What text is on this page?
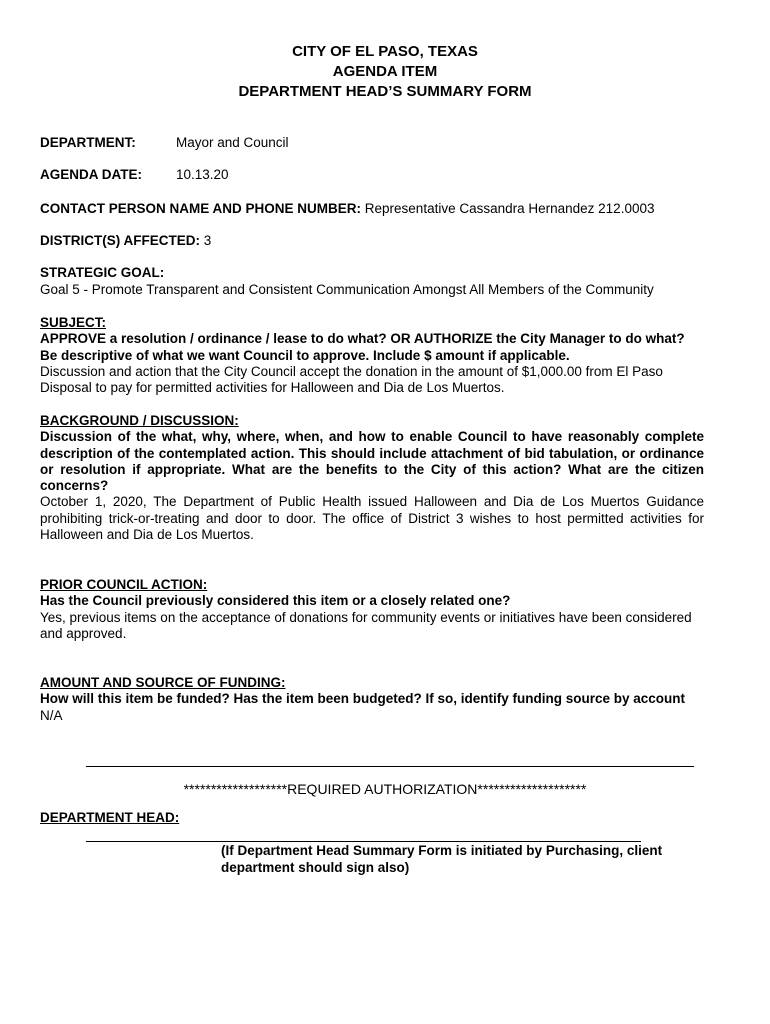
CITY OF EL PASO, TEXAS
AGENDA ITEM
DEPARTMENT HEAD’S SUMMARY FORM
DEPARTMENT:	Mayor and Council
AGENDA DATE:	10.13.20
CONTACT PERSON NAME AND PHONE NUMBER: Representative Cassandra Hernandez 212.0003
DISTRICT(S) AFFECTED: 3
STRATEGIC GOAL:
Goal 5 - Promote Transparent and Consistent Communication Amongst All Members of the Community
SUBJECT:
APPROVE a resolution / ordinance / lease to do what? OR AUTHORIZE the City Manager to do what? Be descriptive of what we want Council to approve. Include $ amount if applicable.
Discussion and action that the City Council accept the donation in the amount of $1,000.00 from El Paso Disposal to pay for permitted activities for Halloween and Dia de Los Muertos.
BACKGROUND / DISCUSSION:
Discussion of the what, why, where, when, and how to enable Council to have reasonably complete description of the contemplated action. This should include attachment of bid tabulation, or ordinance or resolution if appropriate. What are the benefits to the City of this action? What are the citizen concerns?
October 1, 2020, The Department of Public Health issued Halloween and Dia de Los Muertos Guidance prohibiting trick-or-treating and door to door. The office of District 3 wishes to host permitted activities for Halloween and Dia de Los Muertos.
PRIOR COUNCIL ACTION:
Has the Council previously considered this item or a closely related one?
Yes, previous items on the acceptance of donations for community events or initiatives have been considered and approved.
AMOUNT AND SOURCE OF FUNDING:
How will this item be funded? Has the item been budgeted? If so, identify funding source by account
N/A
*******************REQUIRED AUTHORIZATION********************
DEPARTMENT HEAD:
(If Department Head Summary Form is initiated by Purchasing, client department should sign also)
